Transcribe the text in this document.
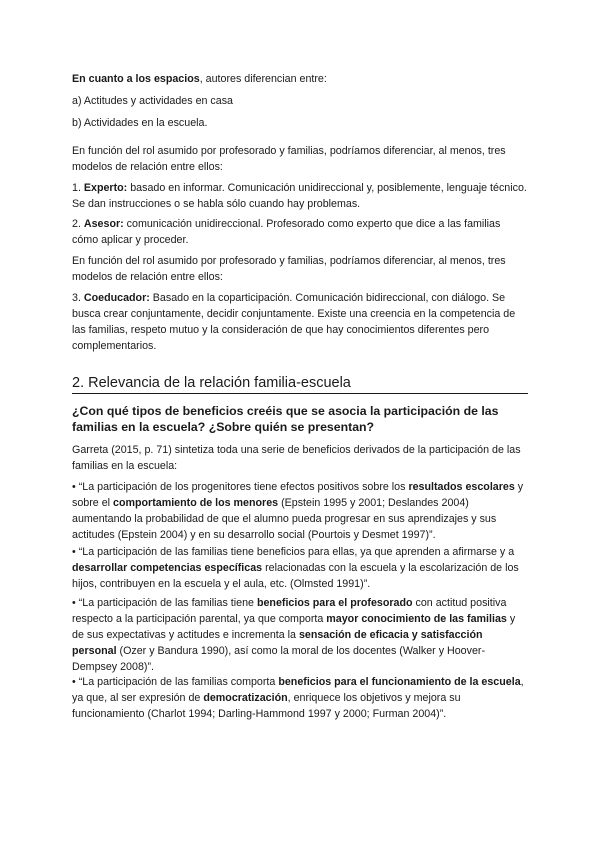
En cuanto a los espacios, autores diferencian entre:
a) Actitudes y actividades en casa
b) Actividades en la escuela.
En función del rol asumido por profesorado y familias, podríamos diferenciar, al menos, tres modelos de relación entre ellos:
1. Experto: basado en informar. Comunicación unidireccional y, posiblemente, lenguaje técnico. Se dan instrucciones o se habla sólo cuando hay problemas.
2. Asesor: comunicación unidireccional. Profesorado como experto que dice a las familias cómo aplicar y proceder.
En función del rol asumido por profesorado y familias, podríamos diferenciar, al menos, tres modelos de relación entre ellos:
3. Coeducador: Basado en la coparticipación. Comunicación bidireccional, con diálogo. Se busca crear conjuntamente, decidir conjuntamente. Existe una creencia en la competencia de las familias, respeto mutuo y la consideración de que hay conocimientos diferentes pero complementarios.
2. Relevancia de la relación familia-escuela
¿Con qué tipos de beneficios creéis que se asocia la participación de las familias en la escuela? ¿Sobre quién se presentan?
Garreta (2015, p. 71) sintetiza toda una serie de beneficios derivados de la participación de las familias en la escuela:
• “La participación de los progenitores tiene efectos positivos sobre los resultados escolares y sobre el comportamiento de los menores (Epstein 1995 y 2001; Deslandes 2004) aumentando la probabilidad de que el alumno pueda progresar en sus aprendizajes y sus actitudes (Epstein 2004) y en su desarrollo social (Pourtois y Desmet 1997)”.
• “La participación de las familias tiene beneficios para ellas, ya que aprenden a afirmarse y a desarrollar competencias específicas relacionadas con la escuela y la escolarización de los hijos, contribuyen en la escuela y el aula, etc. (Olmsted 1991)”.
• “La participación de las familias tiene beneficios para el profesorado con actitud positiva respecto a la participación parental, ya que comporta mayor conocimiento de las familias y de sus expectativas y actitudes e incrementa la sensación de eficacia y satisfacción personal (Ozer y Bandura 1990), así como la moral de los docentes (Walker y Hoover-Dempsey 2008)”.
• “La participación de las familias comporta beneficios para el funcionamiento de la escuela, ya que, al ser expresión de democratización, enriquece los objetivos y mejora su funcionamiento (Charlot 1994; Darling-Hammond 1997 y 2000; Furman 2004)”.
